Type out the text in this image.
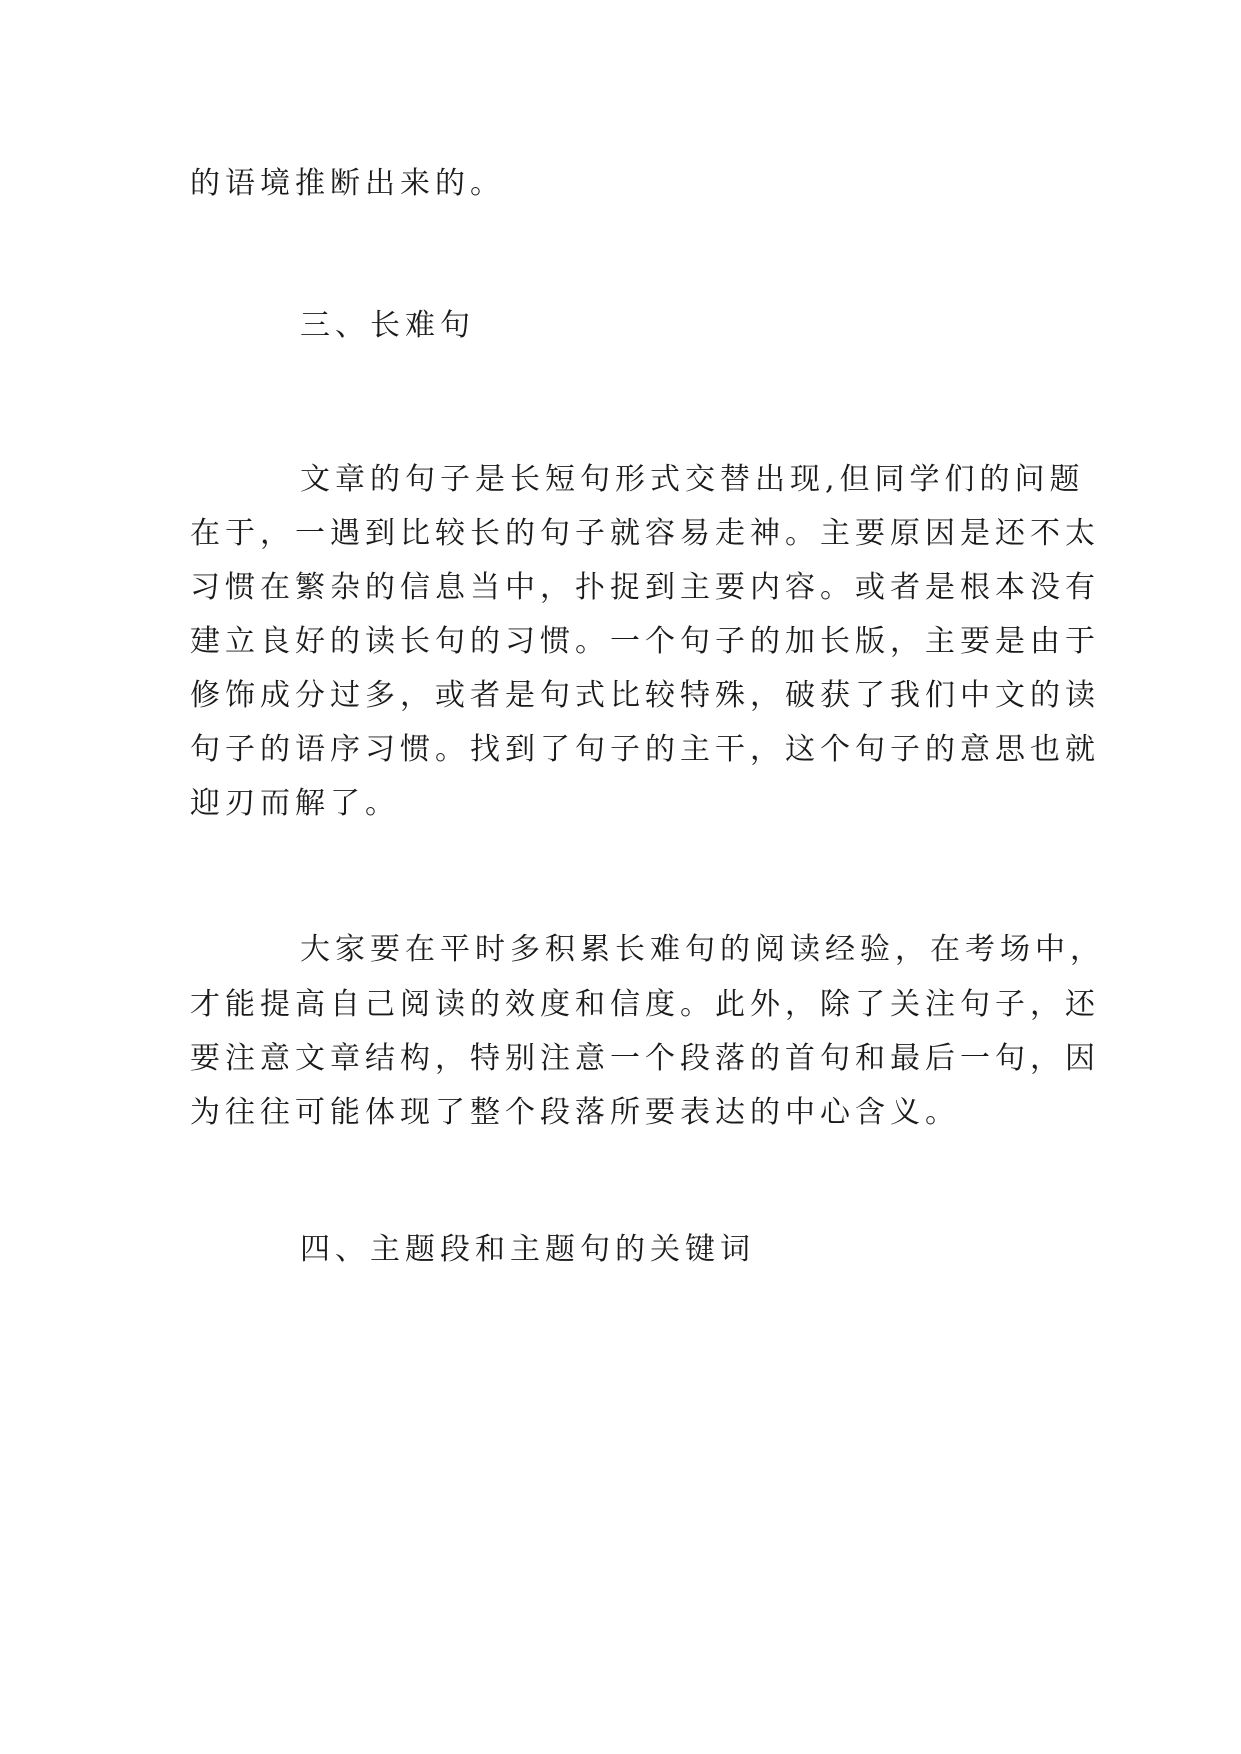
的语境推断出来的。
三、长难句
文章的句子是长短句形式交替出现,但同学们的问题
在于，一遇到比较长的句子就容易走神。主要原因是还不太
习惯在繁杂的信息当中，扑捉到主要内容。或者是根本没有
建立良好的读长句的习惯。一个句子的加长版，主要是由于
修饰成分过多，或者是句式比较特殊，破获了我们中文的读
句子的语序习惯。找到了句子的主干，这个句子的意思也就
迎刃而解了。
大家要在平时多积累长难句的阅读经验，在考场中，
才能提高自己阅读的效度和信度。此外，除了关注句子，还
要注意文章结构，特别注意一个段落的首句和最后一句，因
为往往可能体现了整个段落所要表达的中心含义。
四、主题段和主题句的关键词
